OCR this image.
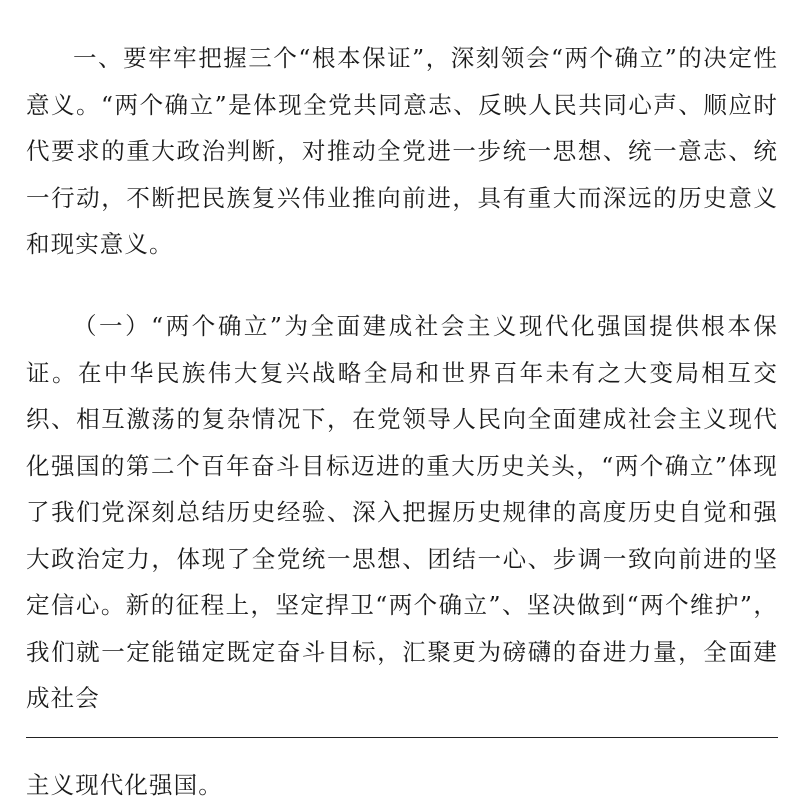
一、要牢牢把握三个“根本保证”，深刻领会“两个确立”的决定性意义。“两个确立”是体现全党共同意志、反映人民共同心声、顺应时代要求的重大政治判断，对推动全党进一步统一思想、统一意志、统一行动，不断把民族复兴伟业推向前进，具有重大而深远的历史意义和现实意义。

（一）“两个确立”为全面建成社会主义现代化强国提供根本保证。在中华民族伟大复兴战略全局和世界百年未有之大变局相互交织、相互激荡的复杂情况下，在党领导人民向全面建成社会主义现代化强国的第二个百年奋斗目标迈进的重大历史关头，“两个确立”体现了我们党深刻总结历史经验、深入把握历史规律的高度历史自觉和强大政治定力，体现了全党统一思想、团结一心、步调一致向前进的坚定信心。新的征程上，坚定捍卫“两个确立”、坚决做到“两个维护”，我们就一定能锚定既定奋斗目标，汇聚更为磅礴的奋进力量，全面建成社会

主义现代化强国。
